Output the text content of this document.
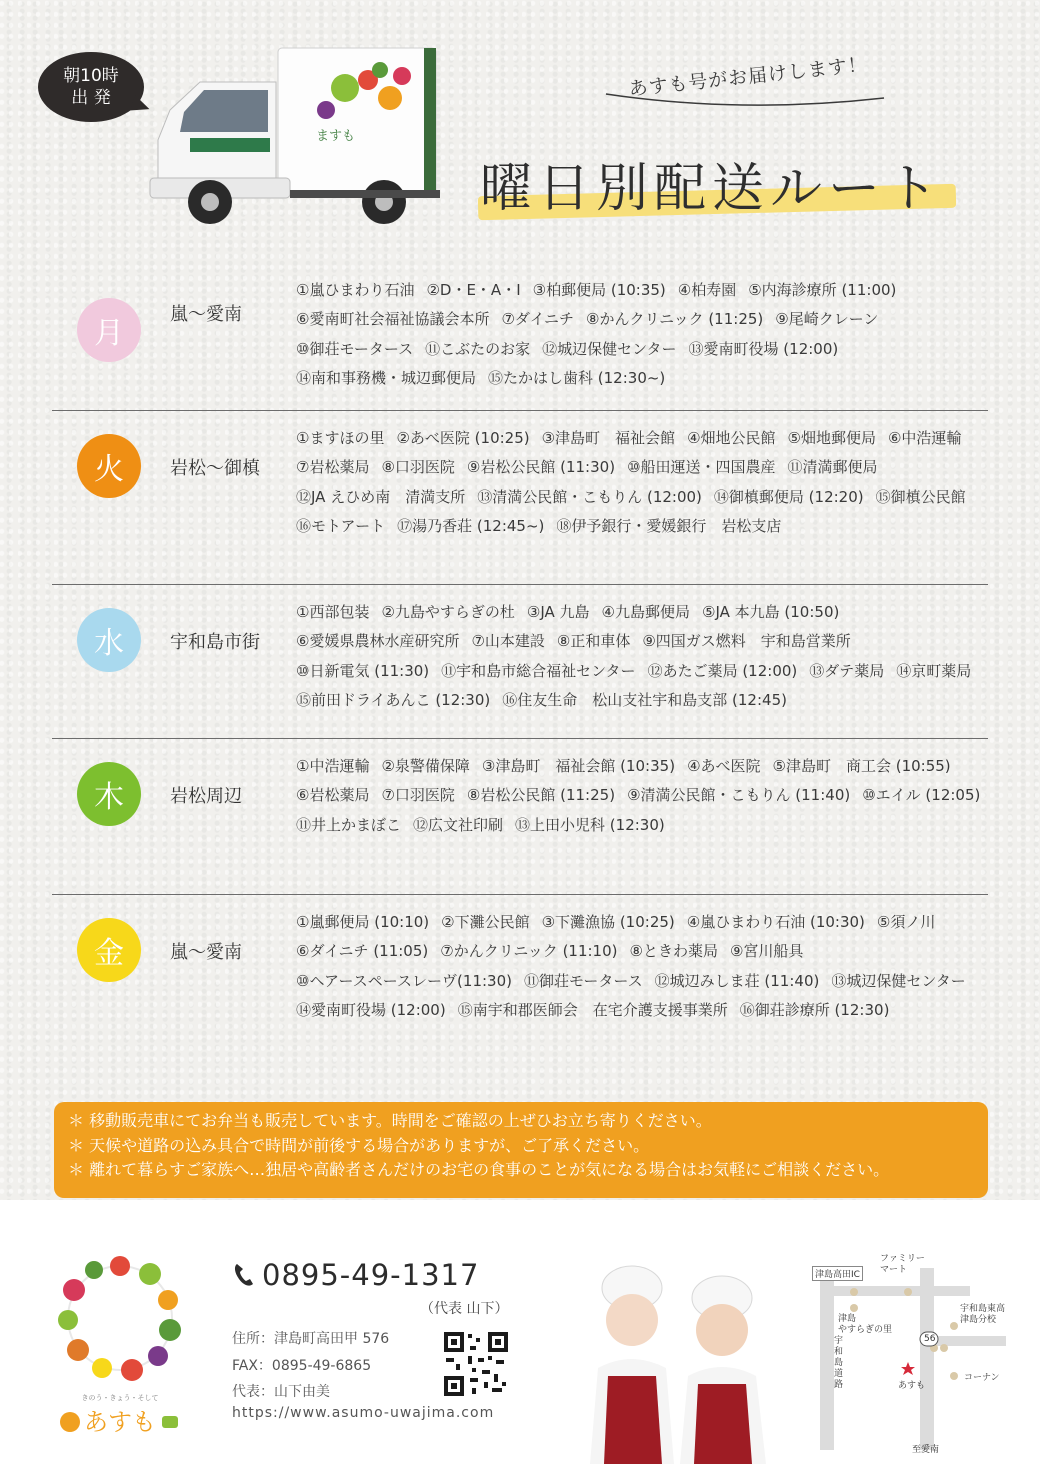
朝10時
出 発
ますも
あすも号がお届けします！
曜日別配送ルート
月
嵐〜愛南
①嵐ひまわり石油 ②D・E・A・I ③柏郵便局 (10:35) ④柏寿園 ⑤内海診療所 (11:00)⑥愛南町社会福祉協議会本所 ⑦ダイニチ ⑧かんクリニック (11:25) ⑨尾崎クレーン⑩御荘モータース ⑪こぶたのお家 ⑫城辺保健センター ⑬愛南町役場 (12:00)⑭南和事務機・城辺郵便局 ⑮たかはし歯科 (12:30~)
火	岩松〜御槙
①ますほの里 ②あべ医院 (10:25) ③津島町　福祉会館 ④畑地公民館 ⑤畑地郵便局 ⑥中浩運輸⑦岩松薬局 ⑧口羽医院 ⑨岩松公民館 (11:30) ⑩船田運送・四国農産 ⑪清満郵便局⑫JA えひめ南　清満支所 ⑬清満公民館・こもりん (12:00) ⑭御槙郵便局 (12:20) ⑮御槙公民館⑯モトアート ⑰湯乃香荘 (12:45~) ⑱伊予銀行・愛媛銀行　岩松支店
水	宇和島市街
①西部包装 ②九島やすらぎの杜 ③JA 九島 ④九島郵便局 ⑤JA 本九島 (10:50)⑥愛媛県農林水産研究所 ⑦山本建設 ⑧正和車体 ⑨四国ガス燃料　宇和島営業所⑩日新電気 (11:30) ⑪宇和島市総合福祉センター ⑫あたご薬局 (12:00) ⑬ダテ薬局 ⑭京町薬局⑮前田ドライあんこ (12:30) ⑯住友生命　松山支社宇和島支部 (12:45)
木	岩松周辺
①中浩運輸 ②泉警備保障 ③津島町　福祉会館 (10:35) ④あべ医院 ⑤津島町　商工会 (10:55)⑥岩松薬局 ⑦口羽医院 ⑧岩松公民館 (11:25) ⑨清満公民館・こもりん (11:40) ⑩エイル (12:05)⑪井上かまぼこ ⑫広文社印刷 ⑬上田小児科 (12:30)
金	嵐〜愛南
①嵐郵便局 (10:10) ②下灘公民館 ③下灘漁協 (10:25) ④嵐ひまわり石油 (10:30) ⑤須ノ川⑥ダイニチ (11:05) ⑦かんクリニック (11:10) ⑧ときわ薬局 ⑨宮川船具⑩ヘアースペースレーヴ(11:30) ⑪御荘モータース ⑫城辺みしま荘 (11:40) ⑬城辺保健センター⑭愛南町役場 (12:00) ⑮南宇和郡医師会　在宅介護支援事業所 ⑯御荘診療所 (12:30)
＊ 移動販売車にてお弁当も販売しています。時間をご確認の上ぜひお立ち寄りください。
＊ 天候や道路の込み具合で時間が前後する場合がありますが、ご了承ください。
＊ 離れて暮らすご家族へ…独居や高齢者さんだけのお宅の食事のことが気になる場合はお気軽にご相談ください。
きのう・きょう・そして
あすも
0895-49-1317
（代表 山下）
住所：津島町高田甲 576
FAX：0895-49-6865
代表：山下由美
https://www.asumo-uwajima.com
津島高田IC
ファミリー
マート
津島
やすらぎの里
宇和島道路
宇和島東高
津島分校
56
コーナン
あすも
至愛南
